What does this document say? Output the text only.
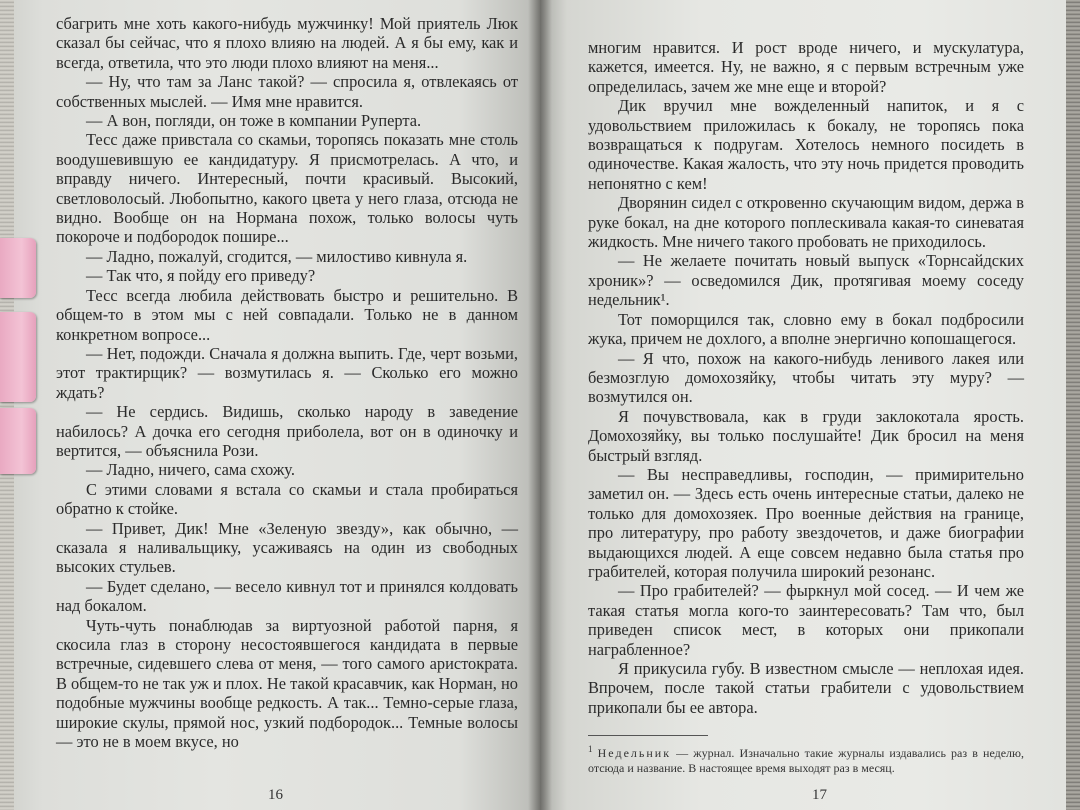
сбагрить мне хоть какого-нибудь мужчинку! Мой приятель Люк сказал бы сейчас, что я плохо влияю на людей. А я бы ему, как и всегда, ответила, что это люди плохо влияют на меня...

— Ну, что там за Ланс такой? — спросила я, отвлекаясь от собственных мыслей. — Имя мне нравится.

— А вон, погляди, он тоже в компании Руперта.

Тесс даже привстала со скамьи, торопясь показать мне столь воодушевившую ее кандидатуру. Я присмотрелась. А что, и вправду ничего. Интересный, почти красивый. Высокий, светловолосый. Любопытно, какого цвета у него глаза, отсюда не видно. Вообще он на Нормана похож, только волосы чуть покороче и подбородок пошире...

— Ладно, пожалуй, сгодится, — милостиво кивнула я.

— Так что, я пойду его приведу?

Тесс всегда любила действовать быстро и решительно. В общем-то в этом мы с ней совпадали. Только не в данном конкретном вопросе...

— Нет, подожди. Сначала я должна выпить. Где, черт возьми, этот трактирщик? — возмутилась я. — Сколько его можно ждать?

— Не сердись. Видишь, сколько народу в заведение набилось? А дочка его сегодня приболела, вот он в одиночку и вертится, — объяснила Рози.

— Ладно, ничего, сама схожу.

С этими словами я встала со скамьи и стала пробираться обратно к стойке.

— Привет, Дик! Мне «Зеленую звезду», как обычно, — сказала я наливальщику, усаживаясь на один из свободных высоких стульев.

— Будет сделано, — весело кивнул тот и принялся колдовать над бокалом.

Чуть-чуть понаблюдав за виртуозной работой парня, я скосила глаз в сторону несостоявшегося кандидата в первые встречные, сидевшего слева от меня, — того самого аристократа. В общем-то не так уж и плох. Не такой красавчик, как Норман, но подобные мужчины вообще редкость. А так... Темно-серые глаза, широкие скулы, прямой нос, узкий подбородок... Темные волосы — это не в моем вкусе, но

16

многим нравится. И рост вроде ничего, и мускулатура, кажется, имеется. Ну, не важно, я с первым встречным уже определилась, зачем же мне еще и второй?

Дик вручил мне вожделенный напиток, и я с удовольствием приложилась к бокалу, не торопясь пока возвращаться к подругам. Хотелось немного посидеть в одиночестве. Какая жалость, что эту ночь придется проводить непонятно с кем!

Дворянин сидел с откровенно скучающим видом, держа в руке бокал, на дне которого поплескивала какая-то синеватая жидкость. Мне ничего такого пробовать не приходилось.

— Не желаете почитать новый выпуск «Торнсайдских хроник»? — осведомился Дик, протягивая моему соседу недельник¹.

Тот поморщился так, словно ему в бокал подбросили жука, причем не дохлого, а вполне энергично копошащегося.

— Я что, похож на какого-нибудь ленивого лакея или безмозглую домохозяйку, чтобы читать эту муру? — возмутился он.

Я почувствовала, как в груди заклокотала ярость. Домохозяйку, вы только послушайте! Дик бросил на меня быстрый взгляд.

— Вы несправедливы, господин, — примирительно заметил он. — Здесь есть очень интересные статьи, далеко не только для домохозяек. Про военные действия на границе, про литературу, про работу звездочетов, и даже биографии выдающихся людей. А еще совсем недавно была статья про грабителей, которая получила широкий резонанс.

— Про грабителей? — фыркнул мой сосед. — И чем же такая статья могла кого-то заинтересовать? Там что, был приведен список мест, в которых они прикопали награбленное?

Я прикусила губу. В известном смысле — неплохая идея. Впрочем, после такой статьи грабители с удовольствием прикопали бы ее автора.

$^1$ Недельник — журнал. Изначально такие журналы издавались раз в неделю, отсюда и название. В настоящее время выходят раз в месяц.
17
